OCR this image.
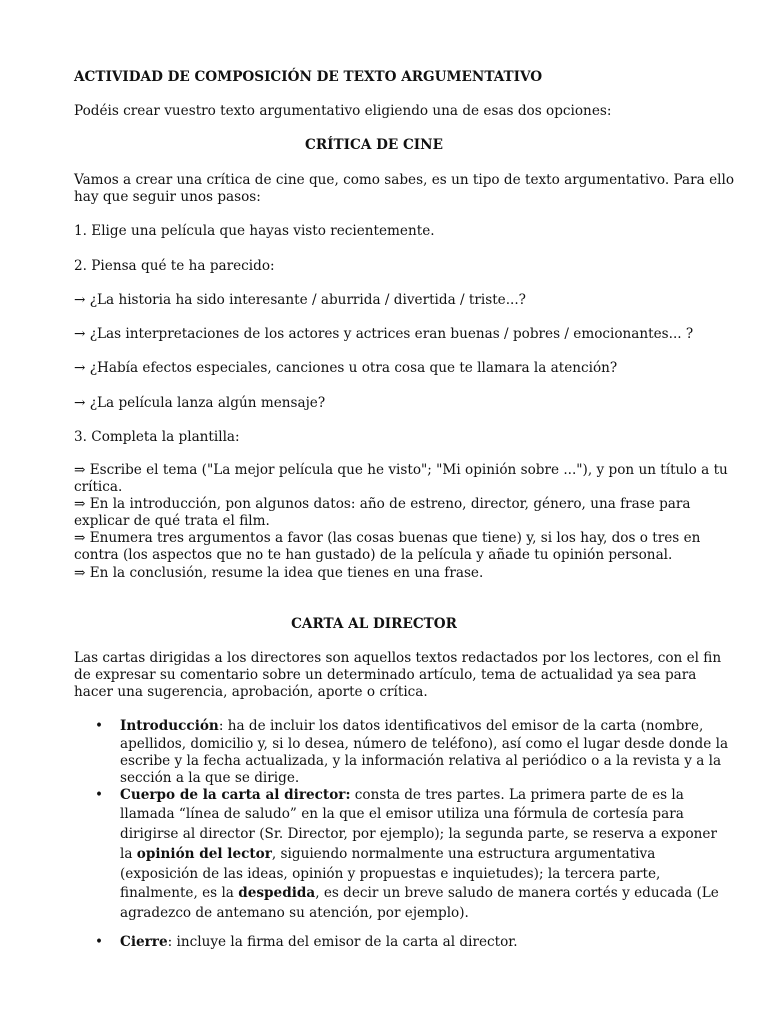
ACTIVIDAD DE COMPOSICIÓN DE TEXTO ARGUMENTATIVO
Podéis crear vuestro texto argumentativo eligiendo una de esas dos opciones:
CRÍTICA DE CINE
Vamos a crear una crítica de cine que, como sabes, es un tipo de texto argumentativo. Para ello
hay que seguir unos pasos:
1. Elige una película que hayas visto recientemente.
2. Piensa qué te ha parecido:
→ ¿La historia ha sido interesante / aburrida / divertida / triste...?
→ ¿Las interpretaciones de los actores y actrices eran buenas / pobres / emocionantes... ?
→ ¿Había efectos especiales, canciones u otra cosa que te llamara la atención?
→ ¿La película lanza algún mensaje?
3. Completa la plantilla:
⇒ Escribe el tema ("La mejor película que he visto"; "Mi opinión sobre ..."), y pon un título a tu
crítica.
⇒ En la introducción, pon algunos datos: año de estreno, director, género, una frase para
explicar de qué trata el film.
⇒ Enumera tres argumentos a favor (las cosas buenas que tiene) y, si los hay, dos o tres en
contra (los aspectos que no te han gustado) de la película y añade tu opinión personal.
⇒ En la conclusión, resume la idea que tienes en una frase.
CARTA AL DIRECTOR
Las cartas dirigidas a los directores son aquellos textos redactados por los lectores, con el fin
de expresar su comentario sobre un determinado artículo, tema de actualidad ya sea para
hacer una sugerencia, aprobación, aporte o crítica.
• Introducción: ha de incluir los datos identificativos del emisor de la carta (nombre,
apellidos, domicilio y, si lo desea, número de teléfono), así como el lugar desde donde la
escribe y la fecha actualizada, y la información relativa al periódico o a la revista y a la
sección a la que se dirige.
• Cuerpo de la carta al director: consta de tres partes. La primera parte de es la
llamada “línea de saludo” en la que el emisor utiliza una fórmula de cortesía para
dirigirse al director (Sr. Director, por ejemplo); la segunda parte, se reserva a exponer
la opinión del lector, siguiendo normalmente una estructura argumentativa
(exposición de las ideas, opinión y propuestas e inquietudes); la tercera parte,
finalmente, es la despedida, es decir un breve saludo de manera cortés y educada (Le
agradezco de antemano su atención, por ejemplo).
• Cierre: incluye la firma del emisor de la carta al director.
